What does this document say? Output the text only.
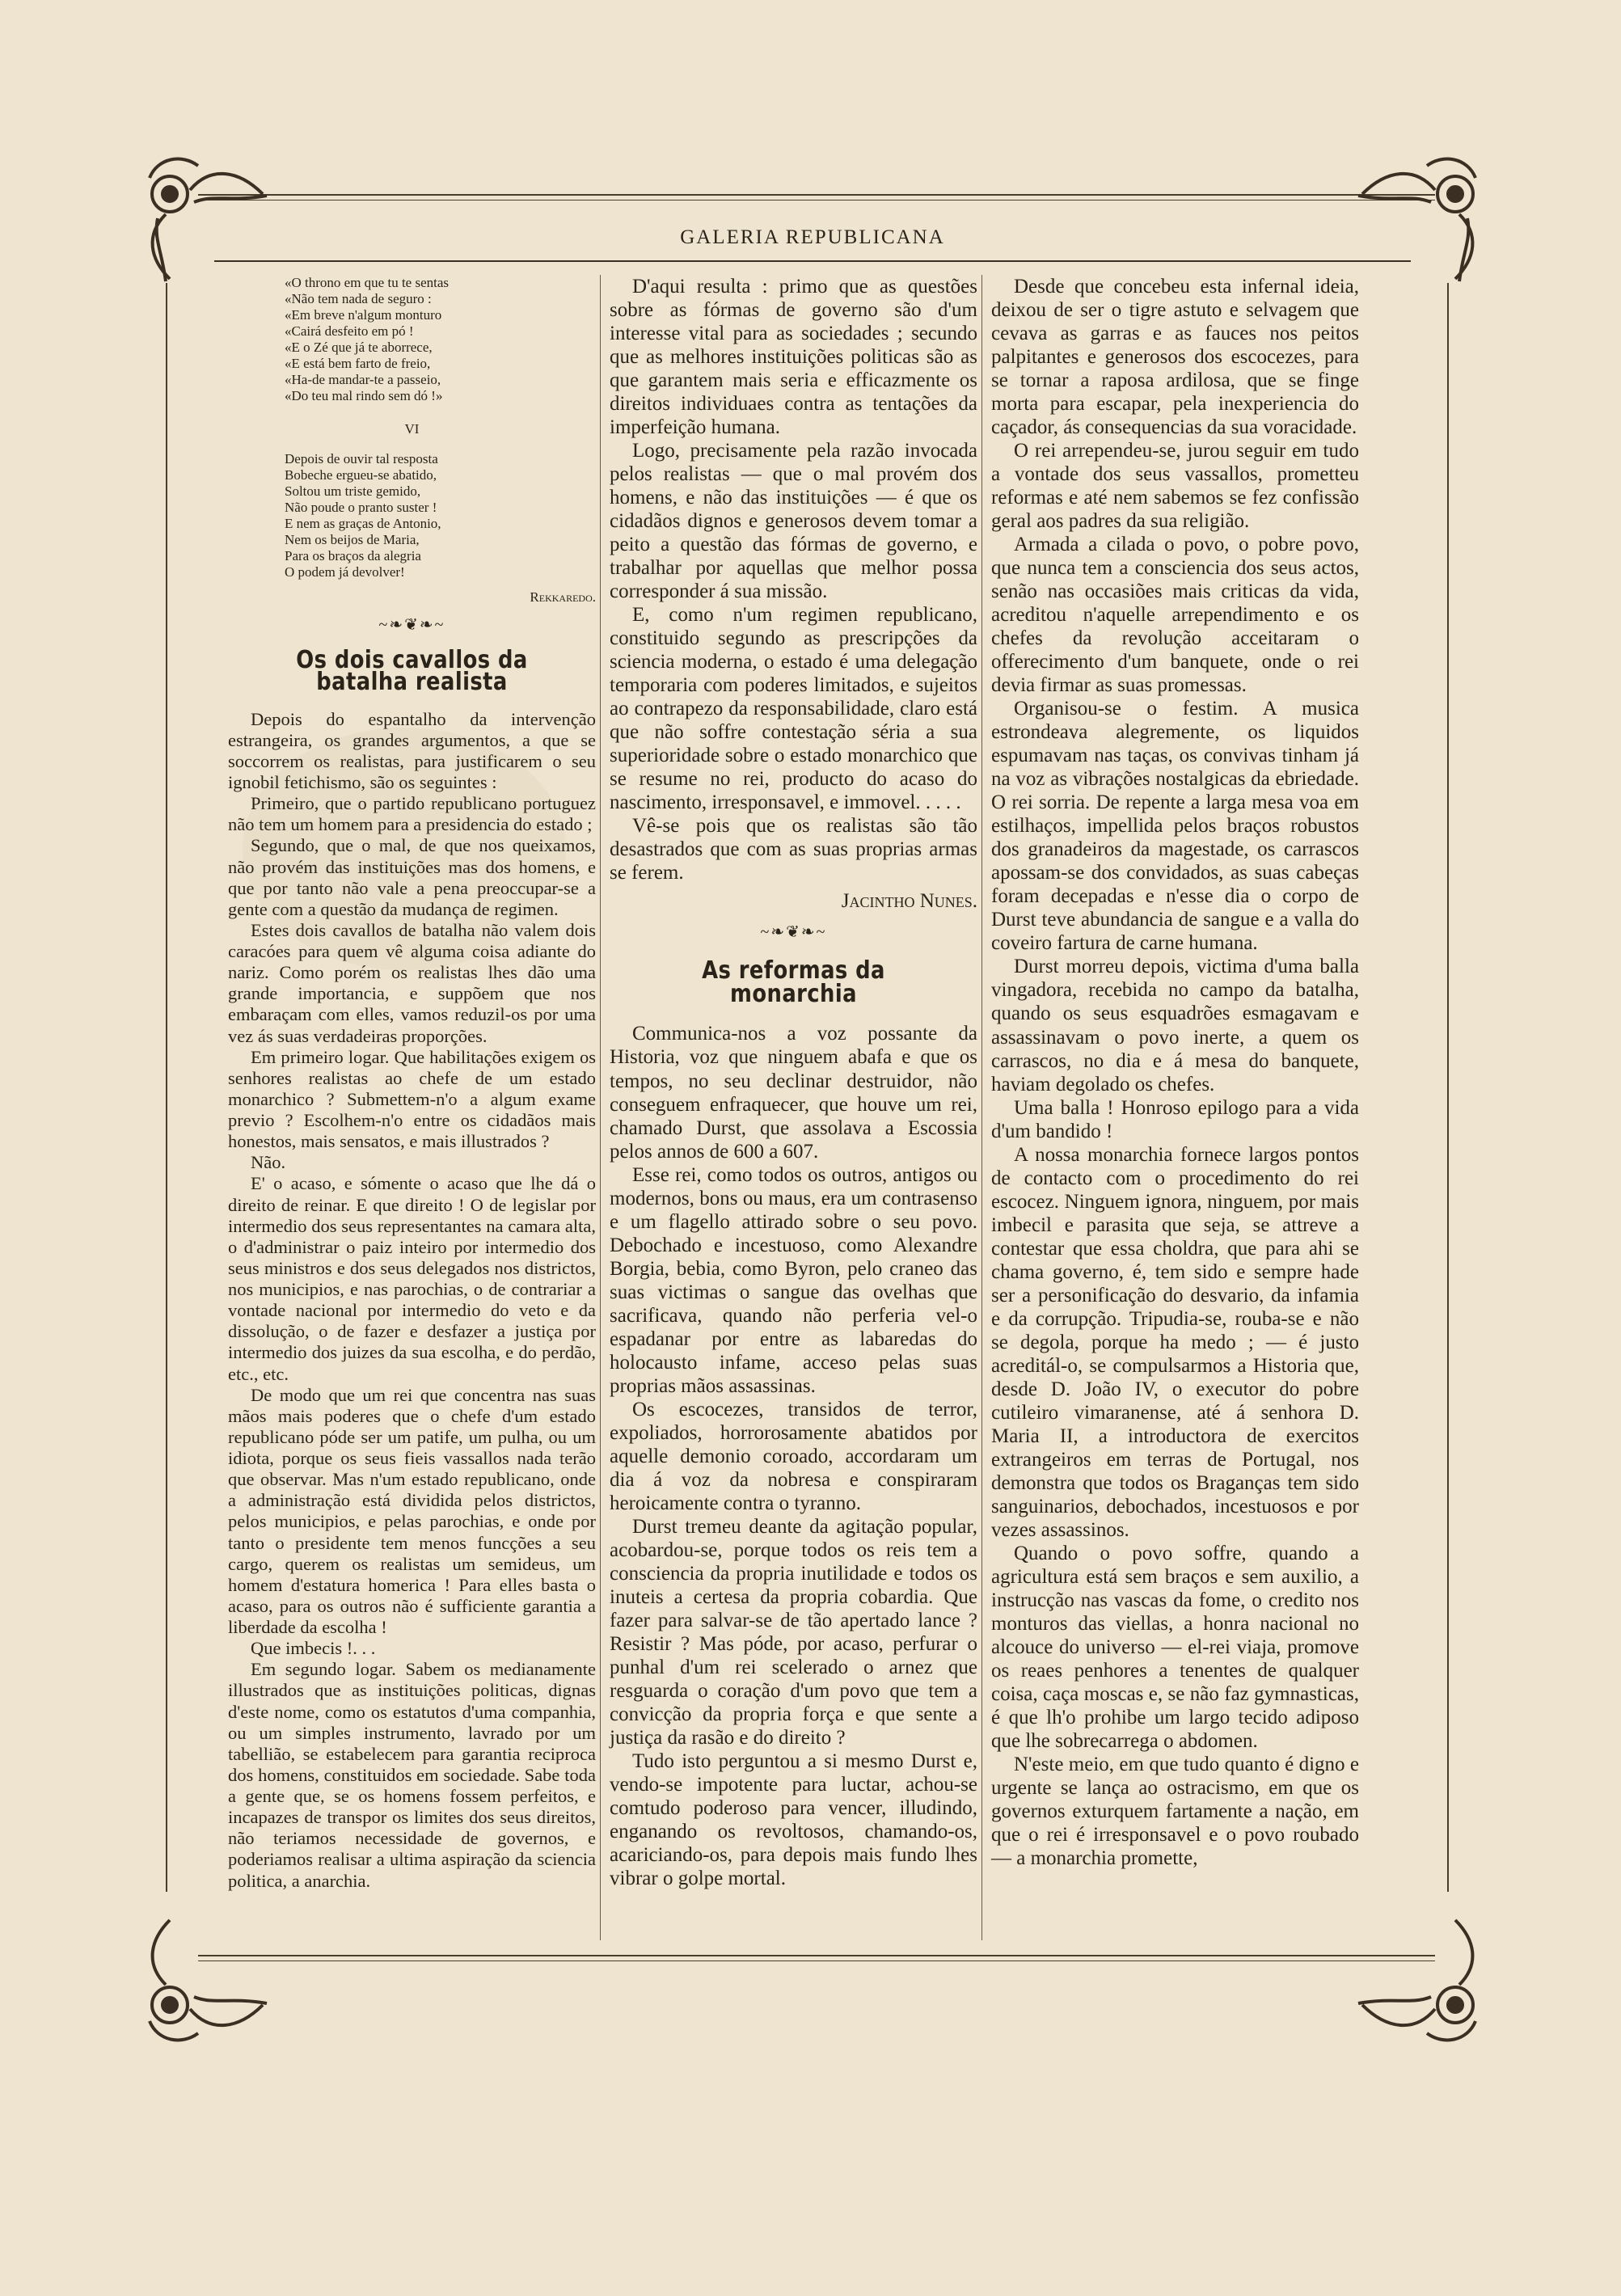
GALERIA REPUBLICANA
«O throno em que tu te sentas
«Não tem nada de seguro :
«Em breve n'algum monturo
«Cairá desfeito em pó !
«E o Zé que já te aborrece,
«E está bem farto de freio,
«Ha-de mandar-te a passeio,
«Do teu mal rindo sem dó !»
VI
Depois de ouvir tal resposta
Bobeche ergueu-se abatido,
Soltou um triste gemido,
Não poude o pranto suster !
E nem as graças de Antonio,
Nem os beijos de Maria,
Para os braços da alegria
O podem já devolver!
Rekkaredo.
~❧❦❧~
Os dois cavallos da batalha realista

Depois do espantalho da intervenção estrangeira, os grandes argumentos, a que se soccorrem os realistas, para justificarem o seu ignobil fetichismo, são os seguintes :

Primeiro, que o partido republicano portuguez não tem um homem para a presidencia do estado ;

Segundo, que o mal, de que nos queixamos, não provém das instituições mas dos homens, e que por tanto não vale a pena preoccupar-se a gente com a questão da mudança de regimen.

Estes dois cavallos de batalha não valem dois caracóes para quem vê alguma coisa adiante do nariz. Como porém os realistas lhes dão uma grande importancia, e suppõem que nos embaraçam com elles, vamos reduzil-os por uma vez ás suas verdadeiras proporções.

Em primeiro logar. Que habilitações exigem os senhores realistas ao chefe de um estado monarchico ? Submettem-n'o a algum exame previo ? Escolhem-n'o entre os cidadãos mais honestos, mais sensatos, e mais illustrados ?

Não.

E' o acaso, e sómente o acaso que lhe dá o direito de reinar. E que direito ! O de legislar por intermedio dos seus representantes na camara alta, o d'administrar o paiz inteiro por intermedio dos seus ministros e dos seus delegados nos districtos, nos municipios, e nas parochias, o de contrariar a vontade nacional por intermedio do veto e da dissolução, o de fazer e desfazer a justiça por intermedio dos juizes da sua escolha, e do perdão, etc., etc.

De modo que um rei que concentra nas suas mãos mais poderes que o chefe d'um estado republicano póde ser um patife, um pulha, ou um idiota, porque os seus fieis vassallos nada terão que observar. Mas n'um estado republicano, onde a administração está dividida pelos districtos, pelos municipios, e pelas parochias, e onde por tanto o presidente tem menos funcções a seu cargo, querem os realistas um semideus, um homem d'estatura homerica ! Para elles basta o acaso, para os outros não é sufficiente garantia a liberdade da escolha !

Que imbecis !. . .

Em segundo logar. Sabem os medianamente illustrados que as instituições politicas, dignas d'este nome, como os estatutos d'uma companhia, ou um simples instrumento, lavrado por um tabellião, se estabelecem para garantia reciproca dos homens, constituidos em sociedade. Sabe toda a gente que, se os homens fossem perfeitos, e incapazes de transpor os limites dos seus direitos, não teriamos necessidade de governos, e poderiamos realisar a ultima aspiração da sciencia politica, a anarchia.

D'aqui resulta : primo que as questões sobre as fórmas de governo são d'um interesse vital para as sociedades ; secundo que as melhores instituições politicas são as que garantem mais seria e efficazmente os direitos individuaes contra as tentações da imperfeição humana.

Logo, precisamente pela razão invocada pelos realistas — que o mal provém dos homens, e não das instituições — é que os cidadãos dignos e generosos devem tomar a peito a questão das fórmas de governo, e trabalhar por aquellas que melhor possa corresponder á sua missão.

E, como n'um regimen republicano, constituido segundo as prescripções da sciencia moderna, o estado é uma delegação temporaria com poderes limitados, e sujeitos ao contrapezo da responsabilidade, claro está que não soffre contestação séria a sua superioridade sobre o estado monarchico que se resume no rei, producto do acaso do nascimento, irresponsavel, e immovel. . . . .

Vê-se pois que os realistas são tão desastrados que com as suas proprias armas se ferem.

Jacintho Nunes.
~❧❦❧~
As reformas da monarchia

Communica-nos a voz possante da Historia, voz que ninguem abafa e que os tempos, no seu declinar destruidor, não conseguem enfraquecer, que houve um rei, chamado Durst, que assolava a Escossia pelos annos de 600 a 607.

Esse rei, como todos os outros, antigos ou modernos, bons ou maus, era um contrasenso e um flagello attirado sobre o seu povo. Debochado e incestuoso, como Alexandre Borgia, bebia, como Byron, pelo craneo das suas victimas o sangue das ovelhas que sacrificava, quando não perferia vel-o espadanar por entre as labaredas do holocausto infame, acceso pelas suas proprias mãos assassinas.

Os escocezes, transidos de terror, expoliados, horrorosamente abatidos por aquelle demonio coroado, accordaram um dia á voz da nobresa e conspiraram heroicamente contra o tyranno.

Durst tremeu deante da agitação popular, acobardou-se, porque todos os reis tem a consciencia da propria inutilidade e todos os inuteis a certesa da propria cobardia. Que fazer para salvar-se de tão apertado lance ? Resistir ? Mas póde, por acaso, perfurar o punhal d'um rei scelerado o arnez que resguarda o coração d'um povo que tem a convicção da propria força e que sente a justiça da rasão e do direito ?

Tudo isto perguntou a si mesmo Durst e, vendo-se impotente para luctar, achou-se comtudo poderoso para vencer, illudindo, enganando os revoltosos, chamando-os, acariciando-os, para depois mais fundo lhes vibrar o golpe mortal.

Desde que concebeu esta infernal ideia, deixou de ser o tigre astuto e selvagem que cevava as garras e as fauces nos peitos palpitantes e generosos dos escocezes, para se tornar a raposa ardilosa, que se finge morta para escapar, pela inexperiencia do caçador, ás consequencias da sua voracidade.

O rei arrependeu-se, jurou seguir em tudo a vontade dos seus vassallos, prometteu reformas e até nem sabemos se fez confissão geral aos padres da sua religião.

Armada a cilada o povo, o pobre povo, que nunca tem a consciencia dos seus actos, senão nas occasiões mais criticas da vida, acreditou n'aquelle arrependimento e os chefes da revolução acceitaram o offerecimento d'um banquete, onde o rei devia firmar as suas promessas.

Organisou-se o festim. A musica estrondeava alegremente, os liquidos espumavam nas taças, os convivas tinham já na voz as vibrações nostalgicas da ebriedade. O rei sorria. De repente a larga mesa voa em estilhaços, impellida pelos braços robustos dos granadeiros da magestade, os carrascos apossam-se dos convidados, as suas cabeças foram decepadas e n'esse dia o corpo de Durst teve abundancia de sangue e a valla do coveiro fartura de carne humana.

Durst morreu depois, victima d'uma balla vingadora, recebida no campo da batalha, quando os seus esquadrões esmagavam e assassinavam o povo inerte, a quem os carrascos, no dia e á mesa do banquete, haviam degolado os chefes.

Uma balla ! Honroso epilogo para a vida d'um bandido !

A nossa monarchia fornece largos pontos de contacto com o procedimento do rei escocez. Ninguem ignora, ninguem, por mais imbecil e parasita que seja, se attreve a contestar que essa choldra, que para ahi se chama governo, é, tem sido e sempre hade ser a personificação do desvario, da infamia e da corrupção. Tripudia-se, rouba-se e não se degola, porque ha medo ; — é justo acreditál-o, se compulsarmos a Historia que, desde D. João IV, o executor do pobre cutileiro vimaranense, até á senhora D. Maria II, a introductora de exercitos extrangeiros em terras de Portugal, nos demonstra que todos os Braganças tem sido sanguinarios, debochados, incestuosos e por vezes assassinos.

Quando o povo soffre, quando a agricultura está sem braços e sem auxilio, a instrucção nas vascas da fome, o credito nos monturos das viellas, a honra nacional no alcouce do universo — el-rei viaja, promove os reaes penhores a tenentes de qualquer coisa, caça moscas e, se não faz gymnasticas, é que lh'o prohibe um largo tecido adiposo que lhe sobrecarrega o abdomen.

N'este meio, em que tudo quanto é digno e urgente se lança ao ostracismo, em que os governos exturquem fartamente a nação, em que o rei é irresponsavel e o povo roubado — a monarchia promette,
